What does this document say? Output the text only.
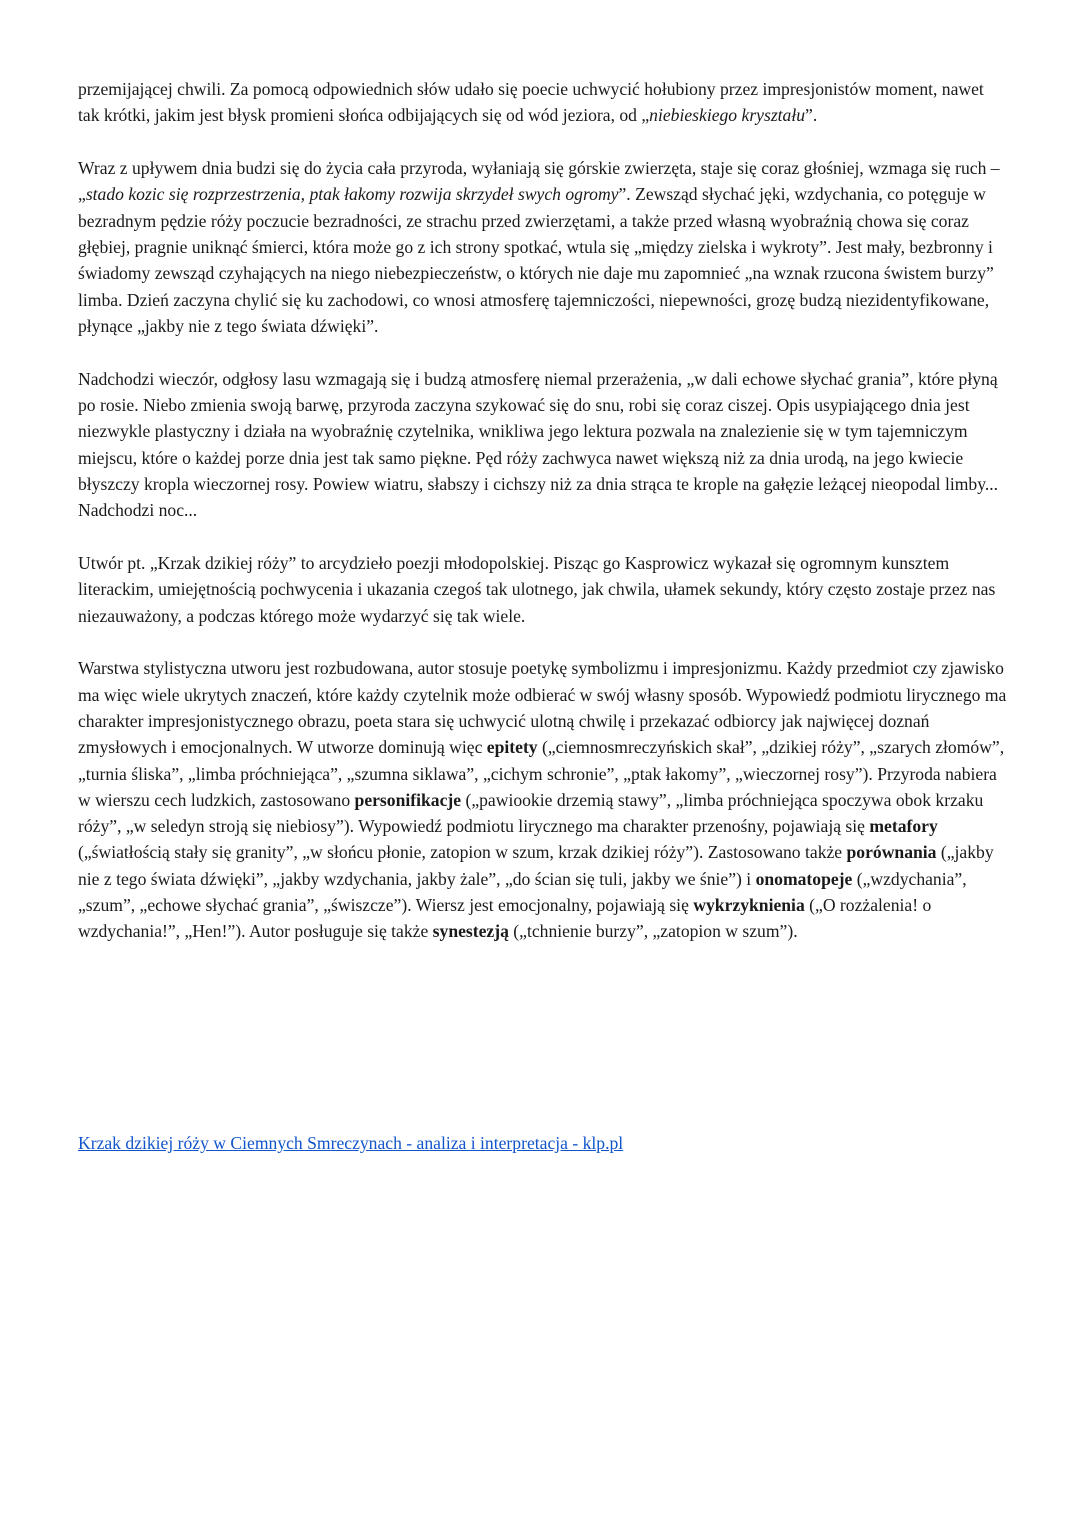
przemijającej chwili. Za pomocą odpowiednich słów udało się poecie uchwycić hołubiony przez impresjonistów moment, nawet tak krótki, jakim jest błysk promieni słońca odbijających się od wód jeziora, od „niebieskiego kryształu”.

Wraz z upływem dnia budzi się do życia cała przyroda, wyłaniają się górskie zwierzęta, staje się coraz głośniej, wzmaga się ruch – „stado kozic się rozprzestrzenia, ptak łakomy rozwija skrzydeł swych ogromy”. Zewsząd słychać jęki, wzdychania, co potęguje w bezradnym pędzie róży poczucie bezradności, ze strachu przed zwierzętami, a także przed własną wyobraźnią chowa się coraz głębiej, pragnie uniknąć śmierci, która może go z ich strony spotkać, wtula się „między zielska i wykroty”. Jest mały, bezbronny i świadomy zewsząd czyhających na niego niebezpieczeństw, o których nie daje mu zapomnieć „na wznak rzucona świstem burzy” limba. Dzień zaczyna chylić się ku zachodowi, co wnosi atmosferę tajemniczości, niepewności, grozę budzą niezidentyfikowane, płynące „jakby nie z tego świata dźwięki”.

Nadchodzi wieczór, odgłosy lasu wzmagają się i budzą atmosferę niemal przerażenia, „w dali echowe słychać grania”, które płyną po rosie. Niebo zmienia swoją barwę, przyroda zaczyna szykować się do snu, robi się coraz ciszej. Opis usypiającego dnia jest niezwykle plastyczny i działa na wyobraźnię czytelnika, wnikliwa jego lektura pozwala na znalezienie się w tym tajemniczym miejscu, które o każdej porze dnia jest tak samo piękne. Pęd róży zachwyca nawet większą niż za dnia urodą, na jego kwiecie błyszczy kropla wieczornej rosy. Powiew wiatru, słabszy i cichszy niż za dnia strąca te krople na gałęzie leżącej nieopodal limby... Nadchodzi noc...

Utwór pt. „Krzak dzikiej róży” to arcydzieło poezji młodopolskiej. Pisząc go Kasprowicz wykazał się ogromnym kunsztem literackim, umiejętnością pochwycenia i ukazania czegoś tak ulotnego, jak chwila, ułamek sekundy, który często zostaje przez nas niezauważony, a podczas którego może wydarzyć się tak wiele.

Warstwa stylistyczna utworu jest rozbudowana, autor stosuje poetykę symbolizmu i impresjonizmu. Każdy przedmiot czy zjawisko ma więc wiele ukrytych znaczeń, które każdy czytelnik może odbierać w swój własny sposób. Wypowiedź podmiotu lirycznego ma charakter impresjonistycznego obrazu, poeta stara się uchwycić ulotną chwilę i przekazać odbiorcy jak najwięcej doznań zmysłowych i emocjonalnych. W utworze dominują więc epitety („ciemnosmreczyńskich skał”, „dzikiej róży”, „szarych złomów”, „turnia śliska”, „limba próchniejąca”, „szumna siklawa”, „cichym schronie”, „ptak łakomy”, „wieczornej rosy”). Przyroda nabiera w wierszu cech ludzkich, zastosowano personifikacje („pawiookie drzemią stawy”, „limba próchniejąca spoczywa obok krzaku róży”, „w seledyn stroją się niebiosy”). Wypowiedź podmiotu lirycznego ma charakter przenośny, pojawiają się metafory („światłością stały się granity”, „w słońcu płonie, zatopion w szum, krzak dzikiej róży”). Zastosowano także porównania („jakby nie z tego świata dźwięki”, „jakby wzdychania, jakby żale”, „do ścian się tuli, jakby we śnie”) i onomatopeje („wzdychania”, „szum”, „echowe słychać grania”, „świszcze”). Wiersz jest emocjonalny, pojawiają się wykrzyknienia („O rozżalenia! o wzdychania!”, „Hen!”). Autor posługuje się także synestezją („tchnienie burzy”, „zatopion w szum”).

Krzak dzikiej róży w Ciemnych Smreczynach - analiza i interpretacja - klp.pl
